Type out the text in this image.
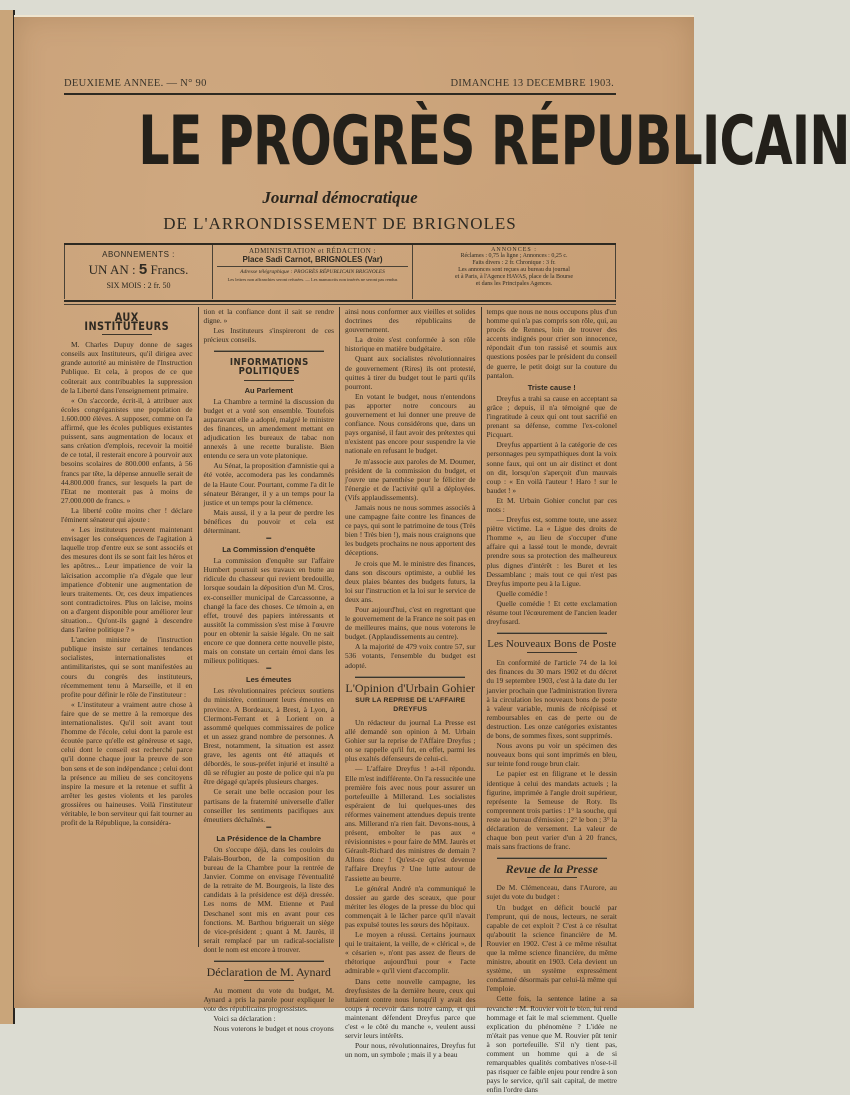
DEUXIEME ANNEE. — N° 90	DIMANCHE 13 DECEMBRE 1903.
LE PROGRÈS RÉPUBLICAIN
Journal démocratique
DE L'ARRONDISSEMENT DE BRIGNOLES
ABONNEMENTS :
UN AN : 5 Francs.
SIX MOIS : 2 fr. 50
ADMINISTRATION et RÉDACTION :
Place Sadi Carnot, BRIGNOLES (Var)
Adresse télégraphique : PROGRÈS RÉPUBLICAIN BRIGNOLES
Les lettres non affranchies seront refusées. — Les manuscrits non insérés ne seront pas rendus
ANNONCES :
Réclames : 0,75 la ligne ; Annonces : 0,25 c.
Faits divers : 2 fr. Chronique : 3 fr.
Les annonces sont reçues au bureau du journal
et à Paris, à l'Agence HAVAS, place de la Bourse
et dans les Principales Agences.
AUX INSTITUTEURS

M. Charles Dupuy donne de sages conseils aux Instituteurs, qu'il dirigea avec grande autorité au ministère de l'Instruction Publique. Et cela, à propos de ce que coûterait aux contribuables la suppression de la Liberté dans l'enseignement primaire.

« On s'accorde, écrit-il, à attribuer aux écoles congréganistes une population de 1.600.000 élèves. A supposer, comme on l'a affirmé, que les écoles publiques existantes puissent, sans augmentation de locaux et sans création d'emplois, recevoir la moitié de ce total, il resterait encore à pourvoir aux besoins scolaires de 800.000 enfants, à 56 francs par tête, la dépense annuelle serait de 44.800.000 francs, sur lesquels la part de l'Etat ne monterait pas à moins de 27.000.000 de francs. »

La liberté coûte moins cher ! déclare l'éminent sénateur qui ajoute :

« Les instituteurs peuvent maintenant envisager les conséquences de l'agitation à laquelle trop d'entre eux se sont associés et des mesures dont ils se sont fait les héros et les apôtres... Leur impatience de voir la laïcisation accomplie n'a d'égale que leur impatience d'obtenir une augmentation de leurs traitements. Or, ces deux impatiences sont contradictoires. Plus on laïcise, moins on a d'argent disponible pour améliorer leur situation... Qu'ont-ils gagné à descendre dans l'arène politique ? »

L'ancien ministre de l'instruction publique insiste sur certaines tendances socialistes, internationalistes et antimilitaristes, qui se sont manifestées au cours du congrès des instituteurs, récemmement tenu à Marseille, et il en profite pour définir le rôle de l'instituteur :

« L'instituteur a vraiment autre chose à faire que de se mettre à la remorque des internationalistes. Qu'il soit avant tout l'homme de l'école, celui dont la parole est écoutée parce qu'elle est généreuse et sage, celui dont le conseil est recherché parce qu'il donne chaque jour la preuve de son bon sens et de son indépendance ; celui dont la présence au milieu de ses concitoyens inspire la mesure et la retenue et suffit à arrêter les gestes violents et les paroles grossières ou haineuses. Voilà l'instituteur véritable, le bon serviteur qui fait tourner au profit de la République, la considéra-

tion et la confiance dont il sait se rendre digne. »

Les Instituteurs s'inspireront de ces précieux conseils.

INFORMATIONS POLITIQUES
Au Parlement

La Chambre a terminé la discussion du budget et a voté son ensemble. Toutefois auparavant elle a adopté, malgré le ministre des finances, un amendement mettant en adjudication les bureaux de tabac non annexés à une recette buraliste. Bien entendu ce sera un vote platonique.

Au Sénat, la proposition d'amnistie qui a été votée, accomodera pas les condamnés de la Haute Cour. Pourtant, comme l'a dit le sénateur Béranger, il y a un temps pour la justice et un temps pour la clémence.

Mais aussi, il y a la peur de perdre les bénéfices du pouvoir et cela est déterminant.

▬
La Commission d'enquête

La commission d'enquête sur l'affaire Humbert poursuit ses travaux en butte au ridicule du chasseur qui revient bredouille, lorsque soudain la déposition d'un M. Cros, ex-conseiller municipal de Carcassonne, a changé la face des choses. Ce témoin a, en effet, trouvé des papiers intéressants et aussitôt la commission s'est mise à l'œuvre pour en obtenir la saisie légale. On ne sait encore ce que donnera cette nouvelle piste, mais on constate un certain émoi dans les milieux politiques.

▬
Les émeutes

Les révolutionnaires précieux soutiens du ministère, continuent leurs émeutes en province. A Bordeaux, à Brest, à Lyon, à Clermont-Ferrant et à Lorient on a assommé quelques commissaires de police et un assez grand nombre de personnes. A Brest, notamment, la situation est assez grave, les agents ont été attaqués et débordés, le sous-préfet injurié et insulté a dû se réfugier au poste de police qui n'a pu être dégagé qu'après plusieurs charges.

Ce serait une belle occasion pour les partisans de la fraternité universelle d'aller conseiller les sentiments pacifiques aux émeutiers déchaînés.

▬
La Présidence de la Chambre

On s'occupe déjà, dans les couloirs du Palais-Bourbon, de la composition du bureau de la Chambre pour la rentrée de Janvier. Comme on envisage l'éventualité de la retraite de M. Bourgeois, la liste des candidats à la présidence est déjà dressée. Les noms de MM. Etienne et Paul Deschanel sont mis en avant pour ces fonctions. M. Barthou briguerait un siège de vice-président ; quant à M. Jaurès, il serait remplacé par un radical-socialiste dont le nom est encore à trouver.

Déclaration de M. Aynard

Au moment du vote du budget, M. Aynard a pris la parole pour expliquer le vote des républicains progressistes.

Voici sa déclaration :

Nous voterons le budget et nous croyons

ainsi nous conformer aux vieilles et solides doctrines des républicains de gouvernement.

La droite s'est conformée à son rôle historique en matière budgétaire.

Quant aux socialistes révolutionnaires de gouvernement (Rires) ils ont protesté, quittes à tirer du budget tout le parti qu'ils pourront.

En votant le budget, nous n'entendons pas apporter notre concours au gouvernement et lui donner une preuve de confiance. Nous considérons que, dans un pays organisé, il faut avoir des prétextes qui n'existent pas encore pour suspendre la vie nationale en refusant le budget.

Je m'associe aux paroles de M. Doumer, président de la commission du budget, et j'ouvre une parenthèse pour le féliciter de l'énergie et de l'activité qu'il a déployées. (Vifs applaudissements).

Jamais nous ne nous sommes associés à une campagne faite contre les finances de ce pays, qui sont le patrimoine de tous (Très bien ! Très bien !), mais nous craignons que les budgets prochains ne nous apportent des déceptions.

Je crois que M. le ministre des finances, dans son discours optimiste, a oublié les deux plaies béantes des budgets futurs, la loi sur l'instruction et la loi sur le service de deux ans.

Pour aujourd'hui, c'est en regrettant que le gouvernement de la France ne soit pas en de meilleures mains, que nous voterons le budget. (Applaudissements au centre).

A la majorité de 479 voix contre 57, sur 536 votants, l'ensemble du budget est adopté.

L'Opinion d'Urbain Gohier
SUR LA REPRISE DE L'AFFAIRE DREYFUS

Un rédacteur du journal La Presse est allé demandé son opinion à M. Urbain Gohier sur la reprise de l'Affaire Dreyfus ; on se rappelle qu'il fut, en effet, parmi les plus exaltés défenseurs de celui-ci.

— L'affaire Dreyfus ! a-t-il répondu. Elle m'est indifférente. On l'a ressucitée une première fois avec nous pour assurer un portefeuille à Millerand. Les socialistes espéraient de lui quelques-unes des réformes vainement attendues depuis trente ans. Millerand n'a rien fait. Devons-nous, à présent, emboîter le pas aux « révisionnistes » pour faire de MM. Jaurès et Gérault-Richard des ministres de demain ? Allons donc ! Qu'est-ce qu'est devenue l'affaire Dreyfus ? Une lutte autour de l'assiette au beurre.

Le général André n'a communiqué le dossier au garde des sceaux, que pour mériter les éloges de la presse du bloc qui commençait à le lâcher parce qu'il n'avait pas expulsé toutes les sœurs des hôpitaux.

Le moyen a réussi. Certains journaux qui le traitaient, la veille, de « clérical », de « césarien », n'ont pas assez de fleurs de rhétorique aujourd'hui pour « l'acte admirable » qu'il vient d'accomplir.

Dans cette nouvelle campagne, les dreyfusistes de la dernière heure, ceux qui luttaient contre nous lorsqu'il y avait des coups à recevoir dans notre camp, et qui maintenant défendent Dreyfus parce que c'est « le côté du manche », veulent aussi servir leurs intérêts.

Pour nous, révolutionnaires, Dreyfus fut un nom, un symbole ; mais il y a beau

temps que nous ne nous occupons plus d'un homme qui n'a pas compris son rôle, qui, au procès de Rennes, loin de trouver des accents indignés pour crier son innocence, répondait d'un ton rassisé et soumis aux questions posées par le président du conseil de guerre, le petit doigt sur la couture du pantalon.

Triste cause !

Dreyfus a trahi sa cause en acceptant sa grâce ; depuis, il n'a témoigné que de l'ingratitude à ceux qui ont tout sacrifié en prenant sa défense, comme l'ex-colonel Picquart.

Dreyfus appartient à la catégorie de ces personnages peu sympathiques dont la voix sonne faux, qui ont un air distinct et dont on dit, lorsqu'on s'aperçoit d'un mauvais coup : « En voilà l'auteur ! Haro ! sur le baudet ! »

Et M. Urbain Gohier conclut par ces mots :

— Dreyfus est, somme toute, une assez piètre victime. La « Ligue des droits de l'homme », au lieu de s'occuper d'une affaire qui a lassé tout le monde, devrait prendre sous sa protection des malheureux plus dignes d'intérêt : les Buret et les Dessamblanc ; mais tout ce qui n'est pas Dreyfus importe peu à la Ligue.

Quelle comédie !

Quelle comédie ! Et cette exclamation résume tout l'écœurement de l'ancien leader dreyfusard.

Les Nouveaux Bons de Poste

En conformité de l'article 74 de la loi des finances du 30 mars 1902 et du décret du 19 septembre 1903, c'est à la date du 1er janvier prochain que l'administration livrera à la circulation les nouveaux bons de poste à valeur variable, munis de récépissé et remboursables en cas de perte ou de destruction. Les onze catégories existantes de bons, de sommes fixes, sont supprimés.

Nous avons pu voir un spécimen des nouveaux bons qui sont imprimés en bleu, sur teinte fond rouge brun clair.

Le papier est en filigrane et le dessin identique à celui des mandats actuels ; la figurine, imprimée à l'angle droit supérieur, représente la Semeuse de Roty. Ils comprennent trois parties : 1° la souche, qui reste au bureau d'émission ; 2° le bon ; 3° la déclaration de versement. La valeur de chaque bon peut varier d'un à 20 francs, mais sans fractions de franc.

Revue de la Presse

De M. Clémenceau, dans l'Aurore, au sujet du vote du budget :

Un budget en déficit bouclé par l'emprunt, qui de nous, lecteurs, ne serait capable de cet exploit ? C'est à ce résultat qu'aboutit la science financière de M. Rouvier en 1902. C'est à ce même résultat que la même science financière, du même ministre, aboutit en 1903. Cela devient un système, un système expressément condamné désormais par celui-là même qui l'emploie.

Cette fois, la sentence latine a sa revanche : M. Rouvier voit le bien, lui rend hommage et fait le mal sciemment. Quelle explication du phénomène ? L'idée ne m'était pas venue que M. Rouvier pût tenir à son portefeuille. S'il n'y tient pas, comment un homme qui a de si remarquables qualités combatives n'ose-t-il pas risquer ce faible enjeu pour rendre à son pays le service, qu'il sait capital, de mettre enfin l'ordre dans
